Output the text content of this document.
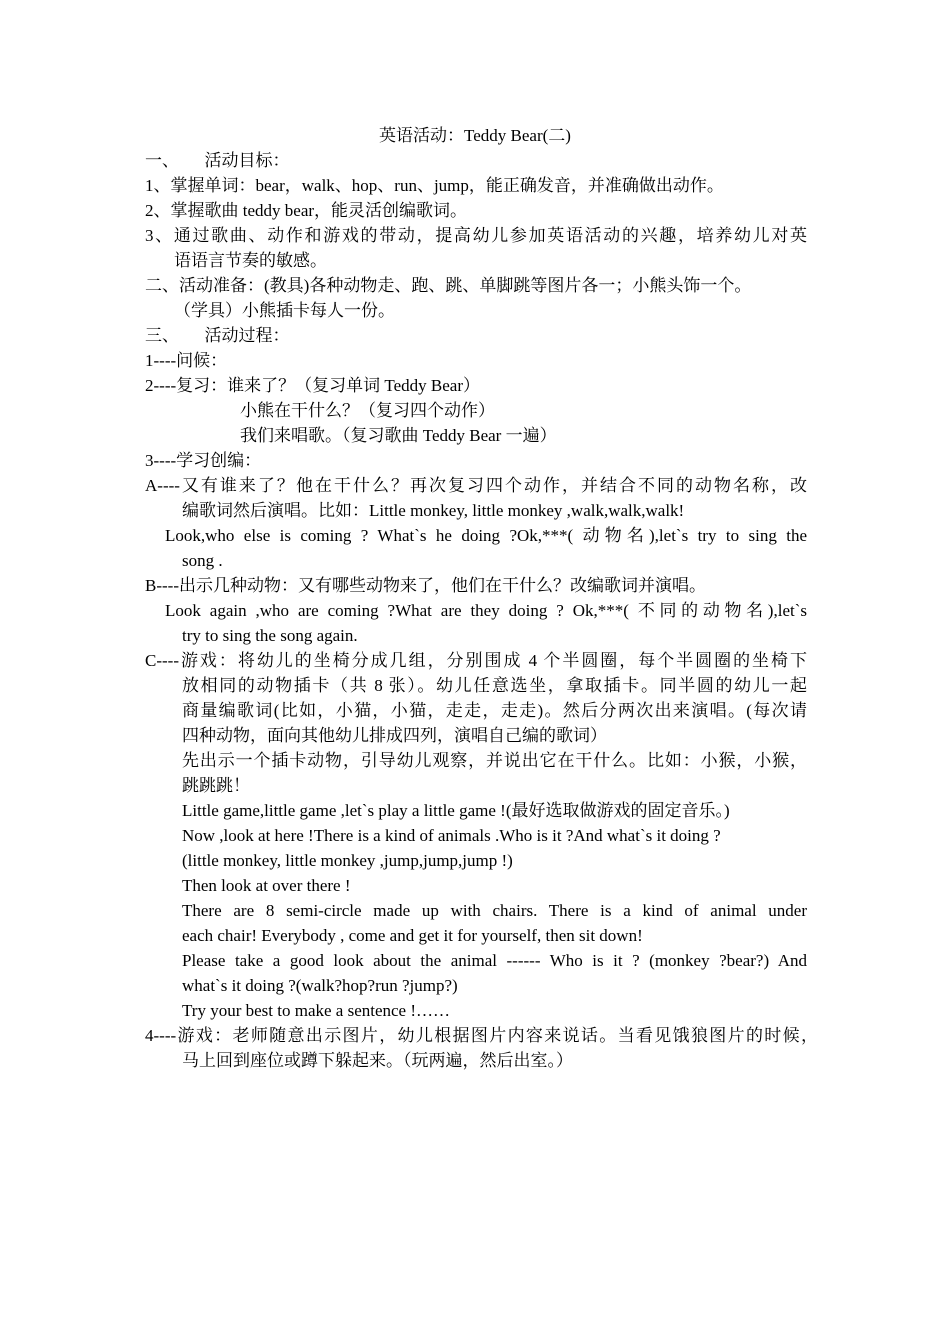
英语活动：Teddy Bear(二)
一、      活动目标：
1、掌握单词：bear，walk、hop、run、jump，能正确发音，并准确做出动作。
2、掌握歌曲 teddy bear，能灵活创编歌词。
3、通过歌曲、动作和游戏的带动，提高幼儿参加英语活动的兴趣，培养幼儿对英
语语言节奏的敏感。
二、活动准备：(教具)各种动物走、跑、跳、单脚跳等图片各一；小熊头饰一个。
（学具）小熊插卡每人一份。
三、      活动过程：
1----问候：
2----复习：谁来了？（复习单词 Teddy Bear）
小熊在干什么？（复习四个动作）
我们来唱歌。（复习歌曲 Teddy Bear 一遍）
3----学习创编：
A----又有谁来了？他在干什么？再次复习四个动作，并结合不同的动物名称，改
编歌词然后演唱。比如：Little monkey, little monkey ,walk,walk,walk!
Look,who else is coming ? What`s he doing ?Ok,***( 动物名),let`s try to sing the
song .
B----出示几种动物：又有哪些动物来了，他们在干什么？改编歌词并演唱。
Look again ,who are coming ?What are they doing ? Ok,***( 不同的动物名),let`s
try to sing the song again.
C----游戏：将幼儿的坐椅分成几组，分别围成 4 个半圆圈，每个半圆圈的坐椅下
放相同的动物插卡（共 8 张）。幼儿任意选坐，拿取插卡。同半圆的幼儿一起
商量编歌词(比如，小猫，小猫，走走，走走)。然后分两次出来演唱。(每次请
四种动物，面向其他幼儿排成四列，演唱自己编的歌词）
先出示一个插卡动物，引导幼儿观察，并说出它在干什么。比如：小猴，小猴，
跳跳跳！
Little game,little game ,let`s play a little game !(最好选取做游戏的固定音乐。)
Now ,look at here !There is a kind of animals .Who is it ?And what`s it doing ?
(little monkey, little monkey ,jump,jump,jump !)
Then look at over there !
There are 8 semi-circle made up with chairs. There is a kind of animal under
each chair! Everybody , come and get it for yourself, then sit down!
Please take a good look about the animal ------ Who is it ? (monkey ?bear?) And
what`s it doing ?(walk?hop?run ?jump?)
Try your best to make a sentence !……
4----游戏：老师随意出示图片，幼儿根据图片内容来说话。当看见饿狼图片的时候，
马上回到座位或蹲下躲起来。（玩两遍，然后出室。）
